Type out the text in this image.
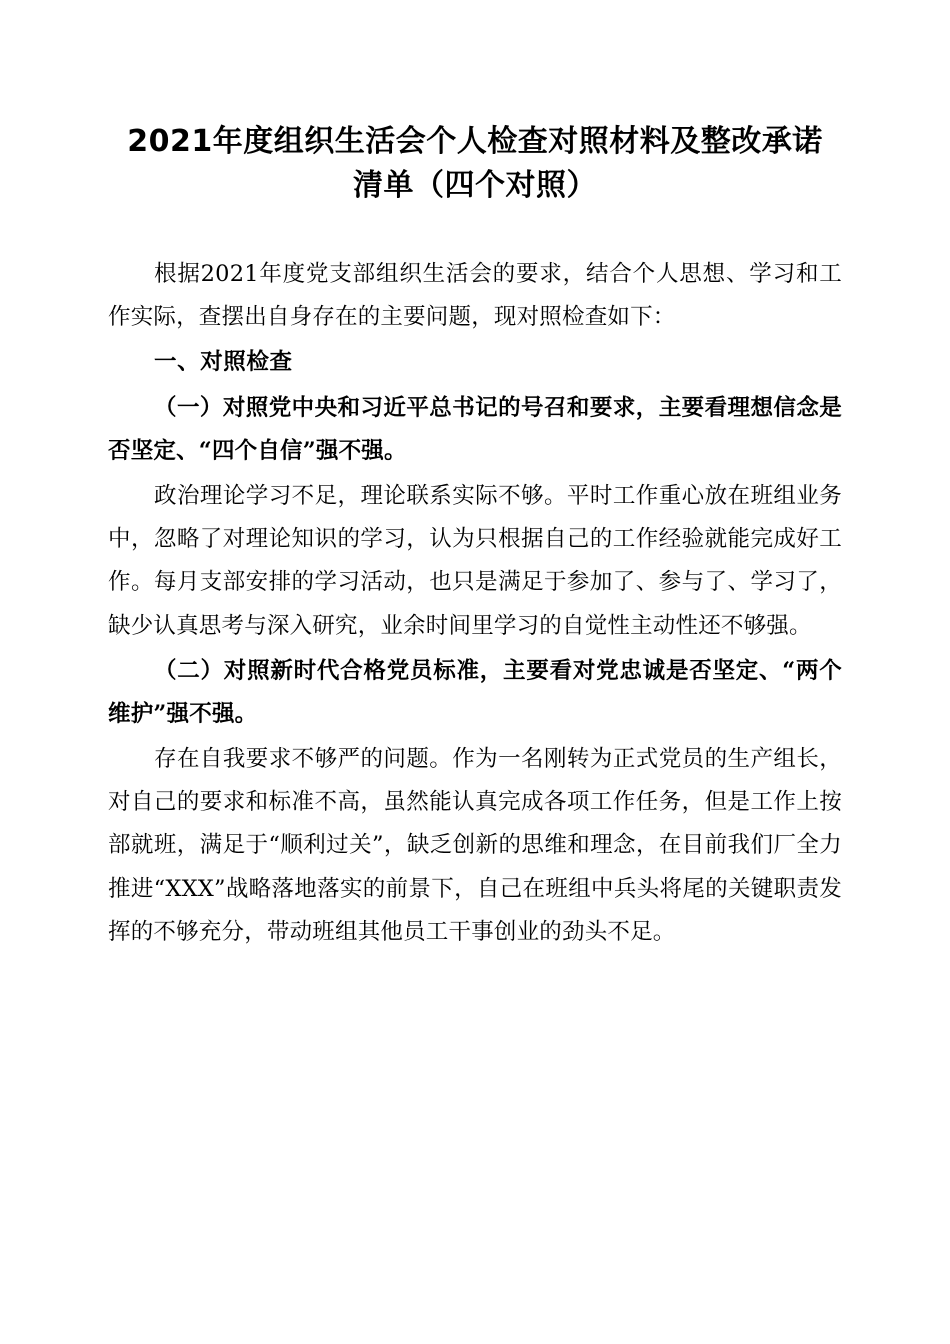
2021年度组织生活会个人检查对照材料及整改承诺清单（四个对照）

根据2021年度党支部组织生活会的要求，结合个人思想、学习和工作实际，查摆出自身存在的主要问题，现对照检查如下：

一、对照检查

（一）对照党中央和习近平总书记的号召和要求，主要看理想信念是否坚定、“四个自信”强不强。

政治理论学习不足，理论联系实际不够。平时工作重心放在班组业务中，忽略了对理论知识的学习，认为只根据自己的工作经验就能完成好工作。每月支部安排的学习活动，也只是满足于参加了、参与了、学习了，缺少认真思考与深入研究，业余时间里学习的自觉性主动性还不够强。

（二）对照新时代合格党员标准，主要看对党忠诚是否坚定、“两个维护”强不强。

存在自我要求不够严的问题。作为一名刚转为正式党员的生产组长，对自己的要求和标准不高，虽然能认真完成各项工作任务，但是工作上按部就班，满足于“顺利过关”，缺乏创新的思维和理念，在目前我们厂全力推进“XXX”战略落地落实的前景下，自己在班组中兵头将尾的关键职责发挥的不够充分，带动班组其他员工干事创业的劲头不足。
